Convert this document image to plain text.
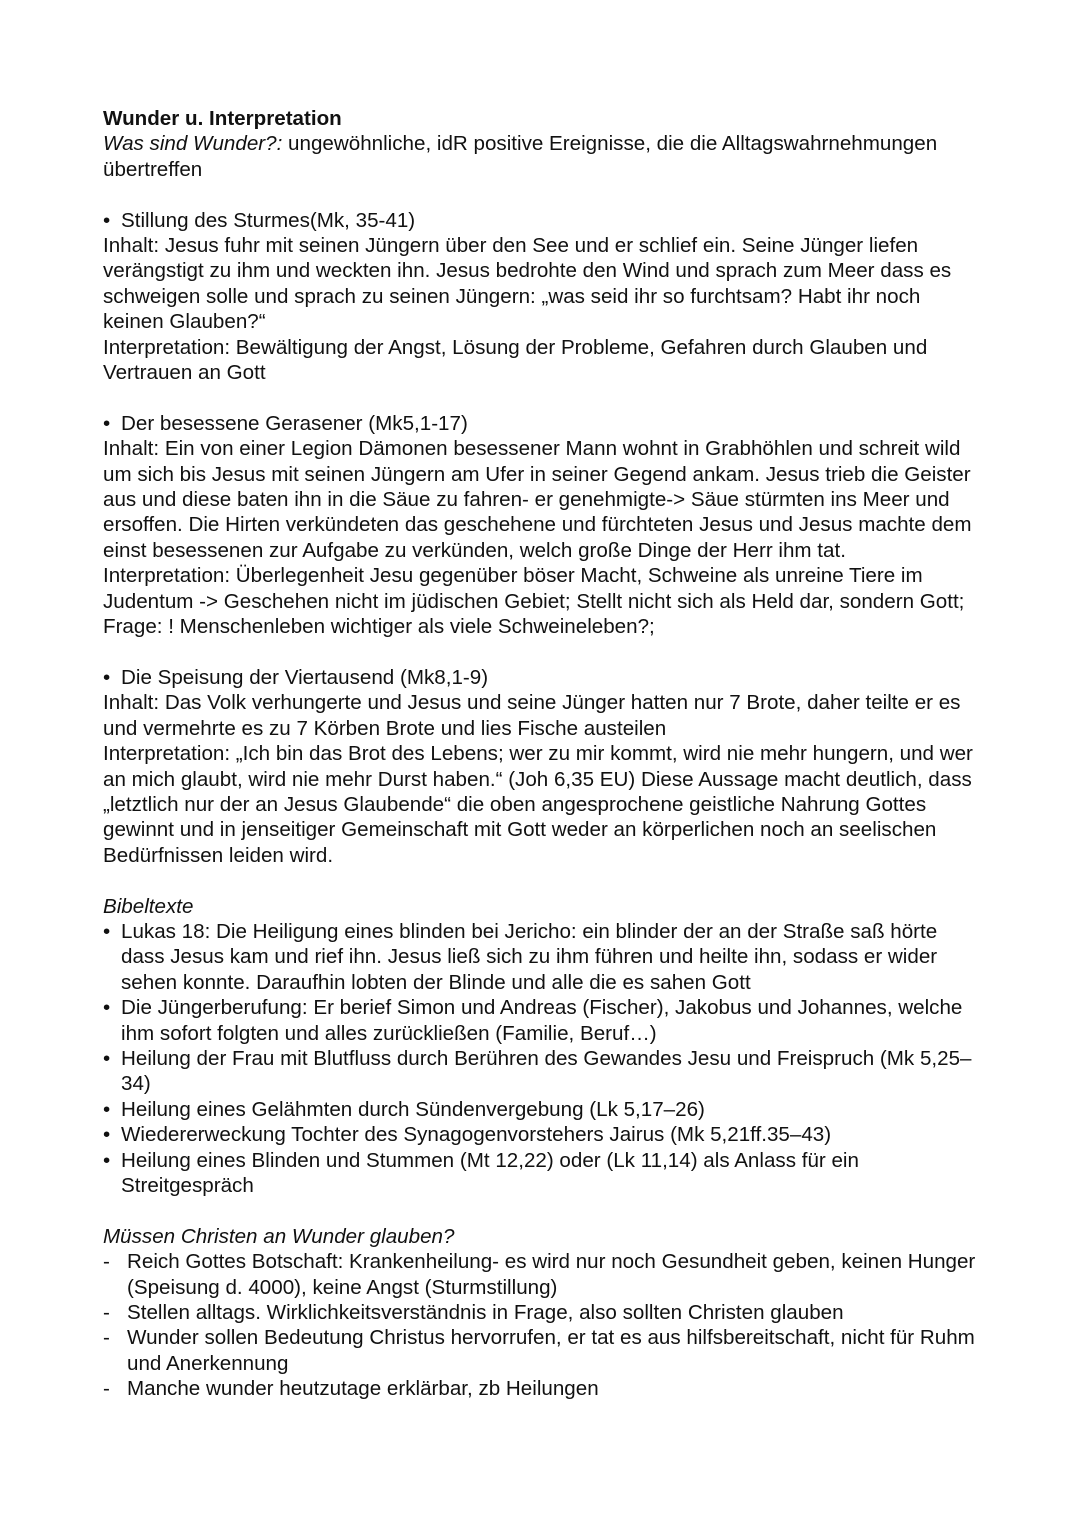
Wunder u. Interpretation

Was sind Wunder?: ungewöhnliche, idR positive Ereignisse, die die Alltagswahrnehmungen übertreffen

• Stillung des Sturmes(Mk, 35-41)

Inhalt: Jesus fuhr mit seinen Jüngern über den See und er schlief ein. Seine Jünger liefen verängstigt zu ihm und weckten ihn. Jesus bedrohte den Wind und sprach zum Meer dass es schweigen solle und sprach zu seinen Jüngern: „was seid ihr so furchtsam? Habt ihr noch keinen Glauben?“

Interpretation: Bewältigung der Angst, Lösung der Probleme, Gefahren durch Glauben und Vertrauen an Gott

• Der besessene Gerasener (Mk5,1-17)

Inhalt: Ein von einer Legion Dämonen besessener Mann wohnt in Grabhöhlen und schreit wild um sich bis Jesus mit seinen Jüngern am Ufer in seiner Gegend ankam. Jesus trieb die Geister aus und diese baten ihn in die Säue zu fahren- er genehmigte-> Säue stürmten ins Meer und ersoffen. Die Hirten verkündeten das geschehene und fürchteten Jesus und Jesus machte dem einst besessenen zur Aufgabe zu verkünden, welch große Dinge der Herr ihm tat.

Interpretation: Überlegenheit Jesu gegenüber böser Macht, Schweine als unreine Tiere im Judentum -> Geschehen nicht im jüdischen Gebiet; Stellt nicht sich als Held dar, sondern Gott; Frage: ! Menschenleben wichtiger als viele Schweineleben?;

• Die Speisung der Viertausend (Mk8,1-9)

Inhalt: Das Volk verhungerte und Jesus und seine Jünger hatten nur 7 Brote, daher teilte er es und vermehrte es zu 7 Körben Brote und lies Fische austeilen

Interpretation: „Ich bin das Brot des Lebens; wer zu mir kommt, wird nie mehr hungern, und wer an mich glaubt, wird nie mehr Durst haben.“ (Joh 6,35 EU) Diese Aussage macht deutlich, dass „letztlich nur der an Jesus Glaubende“ die oben angesprochene geistliche Nahrung Gottes gewinnt und in jenseitiger Gemeinschaft mit Gott weder an körperlichen noch an seelischen Bedürfnissen leiden wird.

Bibeltexte

• Lukas 18: Die Heiligung eines blinden bei Jericho: ein blinder der an der Straße saß hörte dass Jesus kam und rief ihn. Jesus ließ sich zu ihm führen und heilte ihn, sodass er wider sehen konnte. Daraufhin lobten der Blinde und alle die es sahen Gott
• Die Jüngerberufung: Er berief Simon und Andreas (Fischer), Jakobus und Johannes, welche ihm sofort folgten und alles zurückließen (Familie, Beruf…)
• Heilung der Frau mit Blutfluss durch Berühren des Gewandes Jesu und Freispruch (Mk 5,25–34)
• Heilung eines Gelähmten durch Sündenvergebung (Lk 5,17–26)
• Wiedererweckung Tochter des Synagogenvorstehers Jairus (Mk 5,21ff.35–43)
• Heilung eines Blinden und Stummen (Mt 12,22) oder (Lk 11,14) als Anlass für ein Streitgespräch

Müssen Christen an Wunder glauben?

- Reich Gottes Botschaft: Krankenheilung- es wird nur noch Gesundheit geben, keinen Hunger (Speisung d. 4000), keine Angst (Sturmstillung)
- Stellen alltags. Wirklichkeitsverständnis in Frage, also sollten Christen glauben
- Wunder sollen Bedeutung Christus hervorrufen, er tat es aus hilfsbereitschaft, nicht für Ruhm und Anerkennung
- Manche wunder heutzutage erklärbar, zb Heilungen
